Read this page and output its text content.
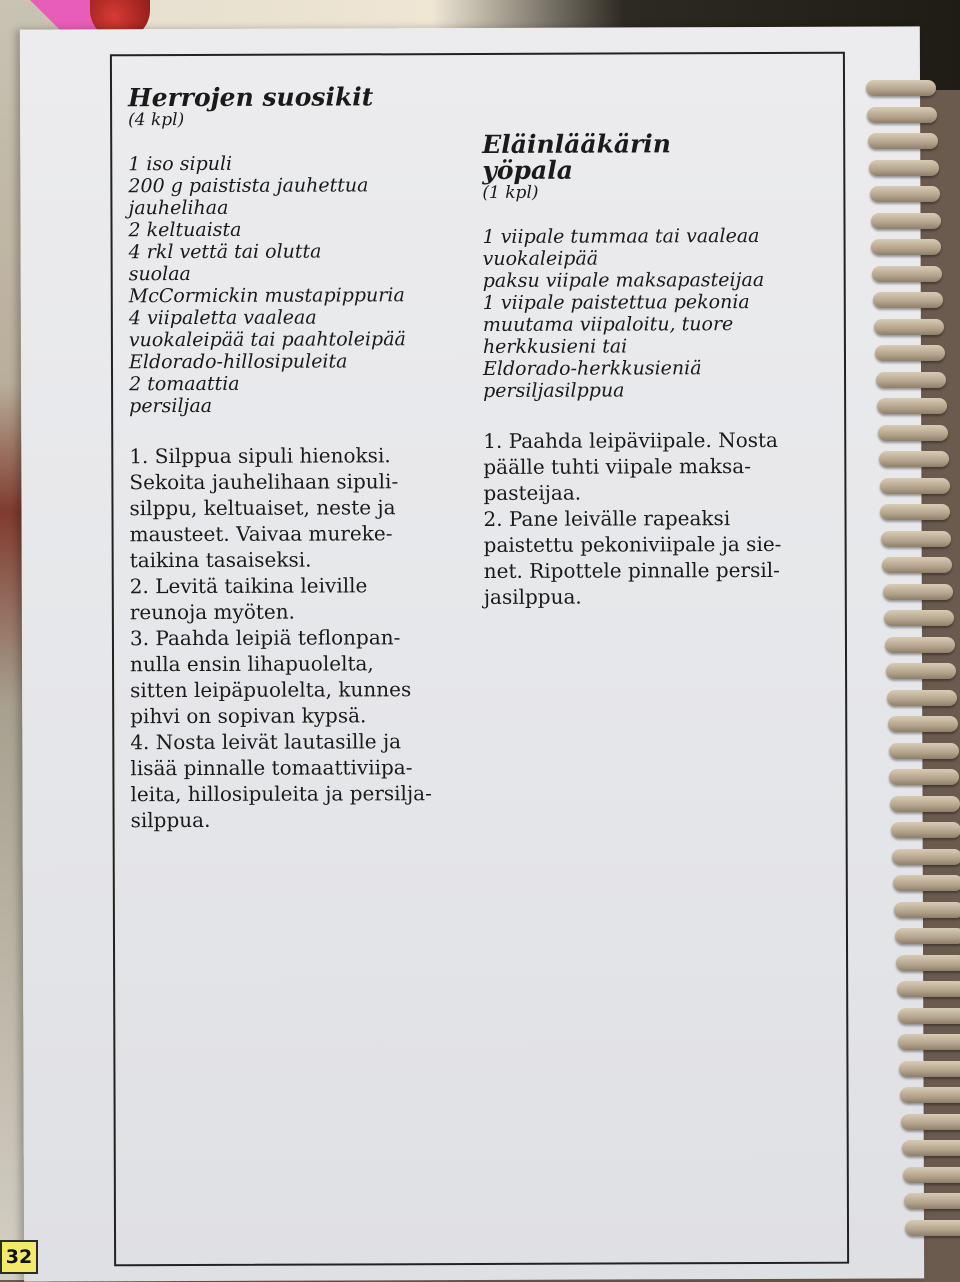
Herrojen suosikit
(4 kpl)
1 iso sipuli
200 g paistista jauhettua
jauhelihaa
2 keltuaista
4 rkl vettä tai olutta
suolaa
McCormickin mustapippuria
4 viipaletta vaaleaa
vuokaleipää tai paahtoleipää
Eldorado-hillosipuleita
2 tomaattia
persiljaa
1. Silppua sipuli hienoksi.
Sekoita jauhelihaan sipuli-
silppu, keltuaiset, neste ja
mausteet. Vaivaa mureke-
taikina tasaiseksi.
2. Levitä taikina leiville
reunoja myöten.
3. Paahda leipiä teflonpan-
nulla ensin lihapuolelta,
sitten leipäpuolelta, kunnes
pihvi on sopivan kypsä.
4. Nosta leivät lautasille ja
lisää pinnalle tomaattiviipa-
leita, hillosipuleita ja persilja-
silppua.
Eläinlääkärin
yöpala
(1 kpl)
1 viipale tummaa tai vaaleaa
vuokaleipää
paksu viipale maksapasteijaa
1 viipale paistettua pekonia
muutama viipaloitu, tuore
herkkusieni tai
Eldorado-herkkusieniä
persiljasilppua
1. Paahda leipäviipale. Nosta
päälle tuhti viipale maksa-
pasteijaa.
2. Pane leivälle rapeaksi
paistettu pekoniviipale ja sie-
net. Ripottele pinnalle persil-
jasilppua.
32
